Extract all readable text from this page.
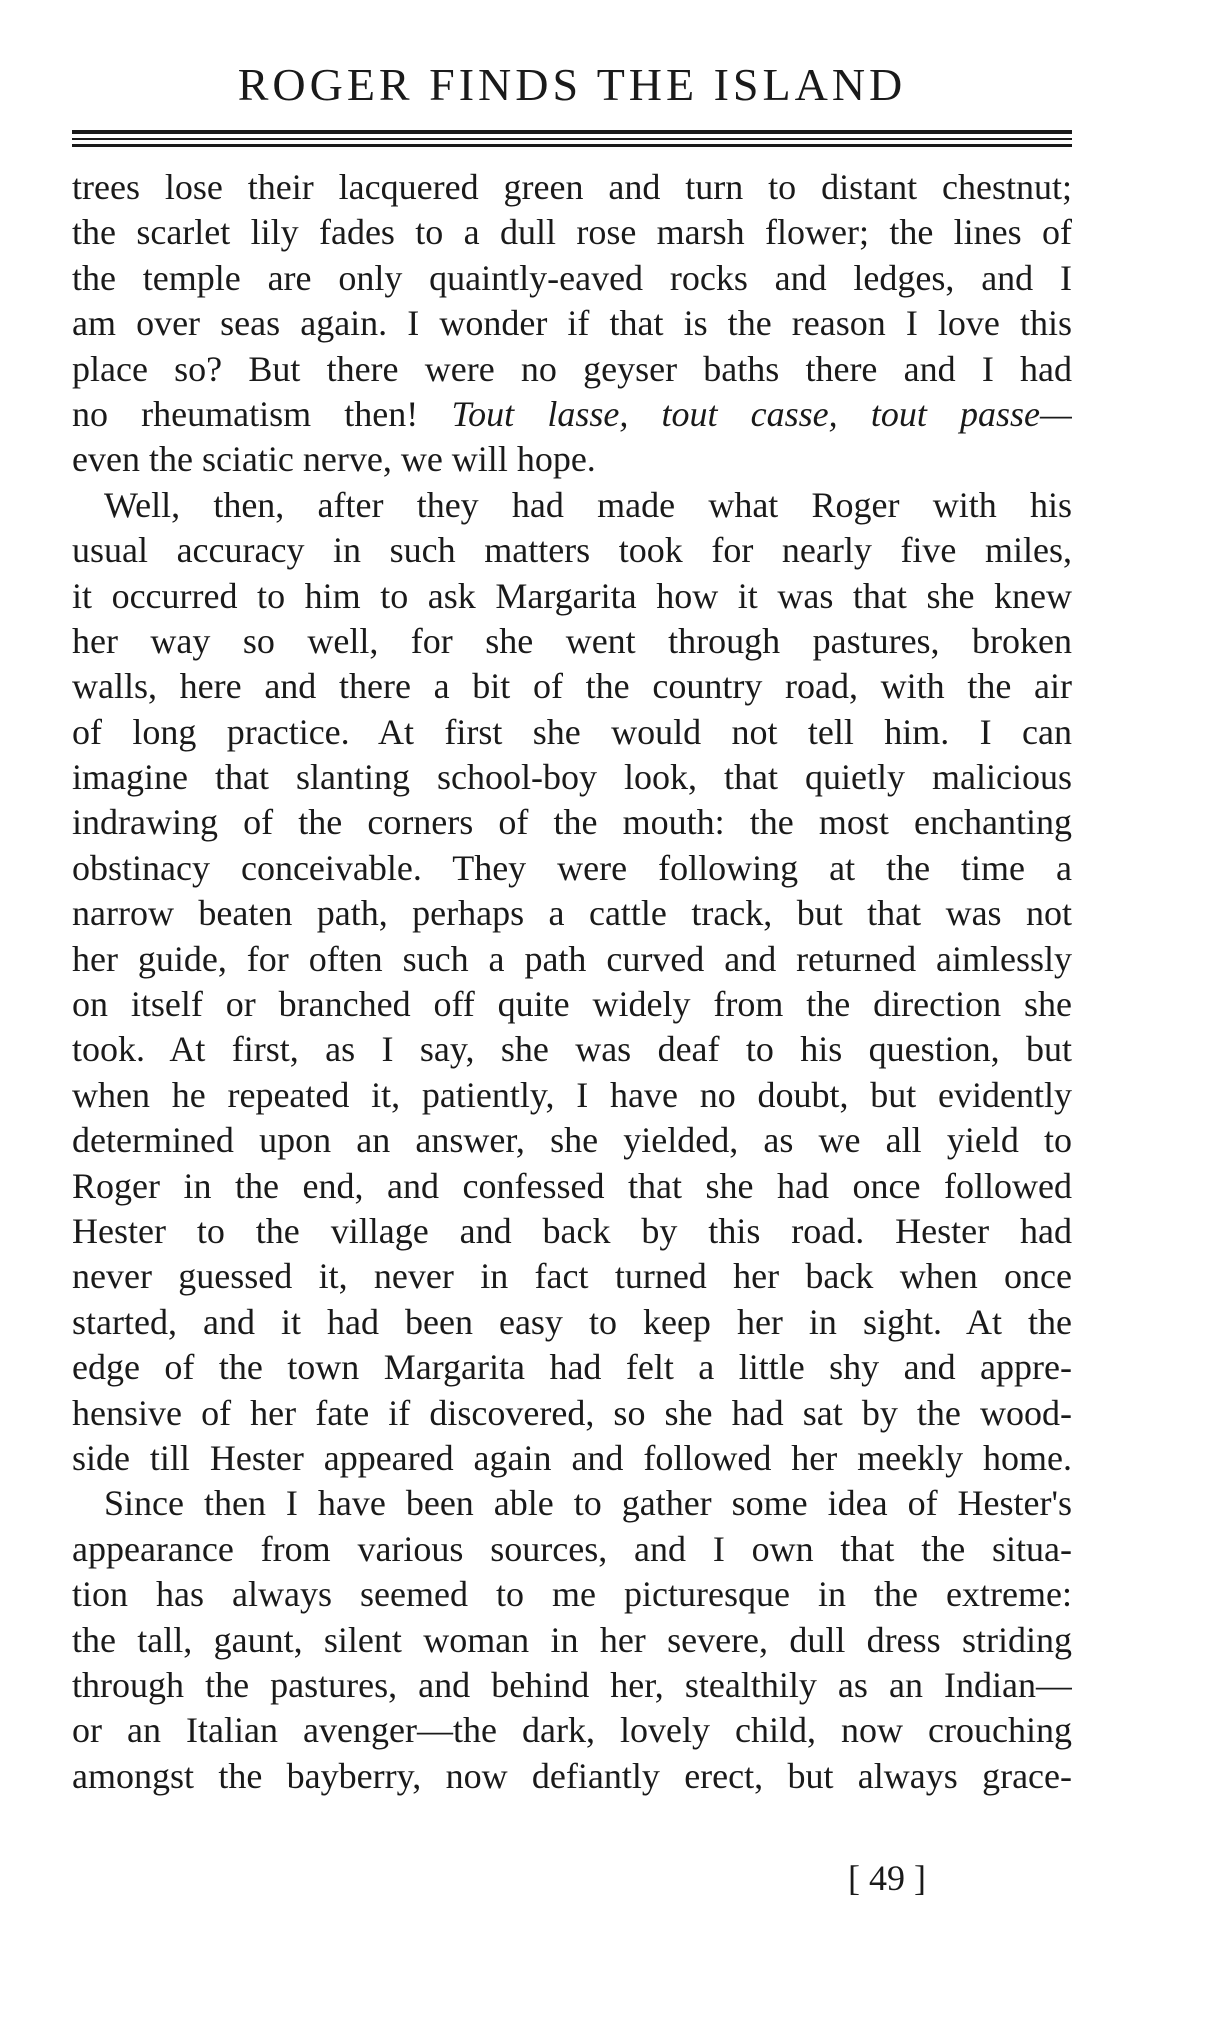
ROGER FINDS THE ISLAND

trees lose their lacquered green and turn to distant chestnut;
the scarlet lily fades to a dull rose marsh flower; the lines of
the temple are only quaintly-eaved rocks and ledges, and I
am over seas again. I wonder if that is the reason I love this
place so? But there were no geyser baths there and I had
no rheumatism then! Tout lasse, tout casse, tout passe—
even the sciatic nerve, we will hope.

Well, then, after they had made what Roger with his
usual accuracy in such matters took for nearly five miles,
it occurred to him to ask Margarita how it was that she knew
her way so well, for she went through pastures, broken
walls, here and there a bit of the country road, with the air
of long practice. At first she would not tell him. I can
imagine that slanting school-boy look, that quietly malicious
indrawing of the corners of the mouth: the most enchanting
obstinacy conceivable. They were following at the time a
narrow beaten path, perhaps a cattle track, but that was not
her guide, for often such a path curved and returned aimlessly
on itself or branched off quite widely from the direction she
took. At first, as I say, she was deaf to his question, but
when he repeated it, patiently, I have no doubt, but evidently
determined upon an answer, she yielded, as we all yield to
Roger in the end, and confessed that she had once followed
Hester to the village and back by this road. Hester had
never guessed it, never in fact turned her back when once
started, and it had been easy to keep her in sight. At the
edge of the town Margarita had felt a little shy and appre-
hensive of her fate if discovered, so she had sat by the wood-
side till Hester appeared again and followed her meekly home.

Since then I have been able to gather some idea of Hester's
appearance from various sources, and I own that the situa-
tion has always seemed to me picturesque in the extreme:
the tall, gaunt, silent woman in her severe, dull dress striding
through the pastures, and behind her, stealthily as an Indian—
or an Italian avenger—the dark, lovely child, now crouching
amongst the bayberry, now defiantly erect, but always grace-

[ 49 ]
